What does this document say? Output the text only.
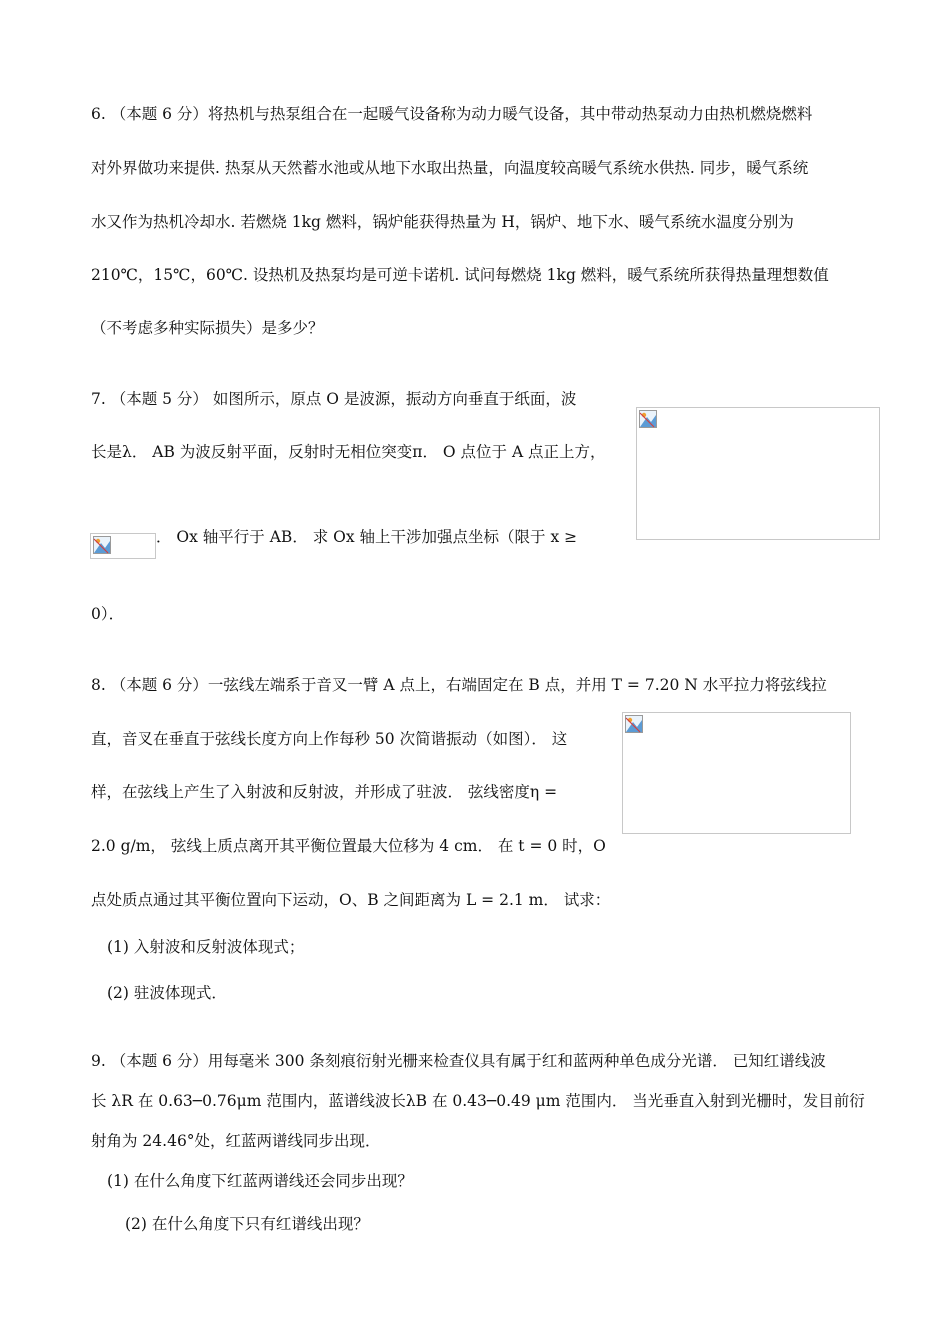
6. （本题 6 分）将热机与热泵组合在一起暖气设备称为动力暖气设备，其中带动热泵动力由热机燃烧燃料
对外界做功来提供. 热泵从天然蓄水池或从地下水取出热量，向温度较高暖气系统水供热. 同步，暖气系统
水又作为热机冷却水. 若燃烧 1kg 燃料，锅炉能获得热量为 H，锅炉、地下水、暖气系统水温度分别为
210℃，15℃，60℃. 设热机及热泵均是可逆卡诺机. 试问每燃烧 1kg 燃料，暖气系统所获得热量理想数值
（不考虑多种实际损失）是多少？
7. （本题 5 分） 如图所示，原点 O 是波源，振动方向垂直于纸面，波
长是λ． AB 为波反射平面，反射时无相位突变π． O 点位于 A 点正上方，
． Ox 轴平行于 AB． 求 Ox 轴上干涉加强点坐标（限于 x ≥
0）．
8. （本题 6 分）一弦线左端系于音叉一臂 A 点上，右端固定在 B 点，并用 T = 7.20 N 水平拉力将弦线拉
直，音叉在垂直于弦线长度方向上作每秒 50 次简谐振动（如图）． 这
样，在弦线上产生了入射波和反射波，并形成了驻波． 弦线密度η =
2.0 g/m， 弦线上质点离开其平衡位置最大位移为 4 cm． 在 t = 0 时，O
点处质点通过其平衡位置向下运动，O、B 之间距离为 L = 2.1 m． 试求：
(1) 入射波和反射波体现式；
(2) 驻波体现式．
9. （本题 6 分）用每毫米 300 条刻痕衍射光栅来检查仪具有属于红和蓝两种单色成分光谱． 已知红谱线波
长 λR 在 0.63─0.76μm 范围内，蓝谱线波长λB 在 0.43─0.49 μm 范围内． 当光垂直入射到光栅时，发目前衍
射角为 24.46°处，红蓝两谱线同步出现．
(1) 在什么角度下红蓝两谱线还会同步出现？
(2) 在什么角度下只有红谱线出现？
